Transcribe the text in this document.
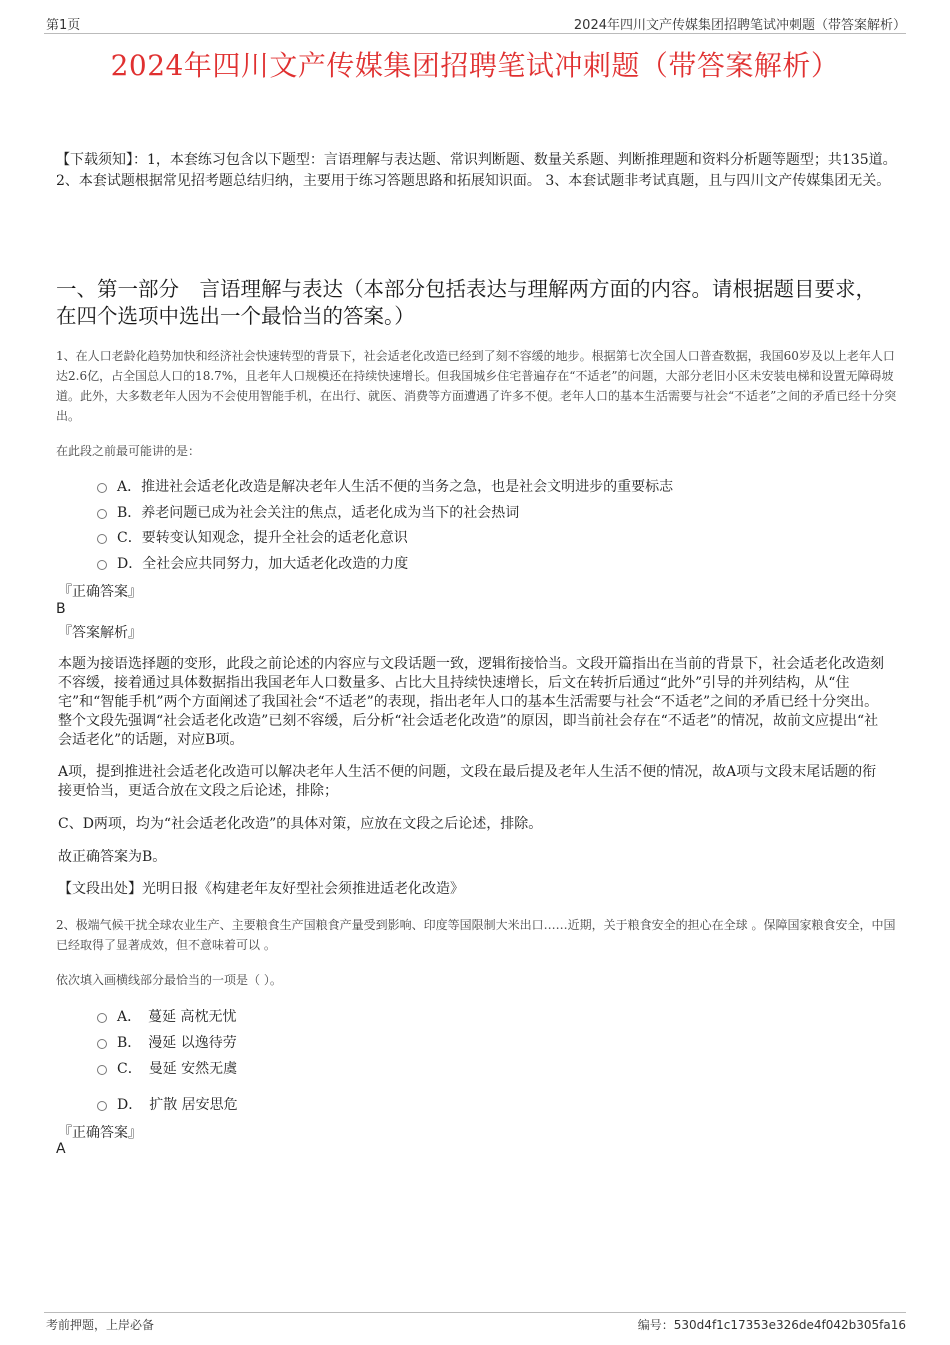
第1页	2024年四川文产传媒集团招聘笔试冲刺题（带答案解析）
2024年四川文产传媒集团招聘笔试冲刺题（带答案解析）
【下载须知】：1，本套练习包含以下题型：言语理解与表达题、常识判断题、数量关系题、判断推理题和资料分析题等题型；共135道。 2、本套试题根据常见招考题总结归纳，主要用于练习答题思路和拓展知识面。 3、本套试题非考试真题，且与四川文产传媒集团无关。
一、第一部分　言语理解与表达（本部分包括表达与理解两方面的内容。请根据题目要求，在四个选项中选出一个最恰当的答案。）
1、在人口老龄化趋势加快和经济社会快速转型的背景下，社会适老化改造已经到了刻不容缓的地步。根据第七次全国人口普查数据，我国60岁及以上老年人口达2.6亿，占全国总人口的18.7%，且老年人口规模还在持续快速增长。但我国城乡住宅普遍存在“不适老”的问题，大部分老旧小区未安装电梯和设置无障碍坡道。此外，大多数老年人因为不会使用智能手机，在出行、就医、消费等方面遭遇了许多不便。老年人口的基本生活需要与社会“不适老”之间的矛盾已经十分突出。
在此段之前最可能讲的是：
A．推进社会适老化改造是解决老年人生活不便的当务之急，也是社会文明进步的重要标志
B．养老问题已成为社会关注的焦点，适老化成为当下的社会热词
C．要转变认知观念，提升全社会的适老化意识
D．全社会应共同努力，加大适老化改造的力度
『正确答案』
B
『答案解析』
本题为接语选择题的变形，此段之前论述的内容应与文段话题一致，逻辑衔接恰当。文段开篇指出在当前的背景下，社会适老化改造刻不容缓，接着通过具体数据指出我国老年人口数量多、占比大且持续快速增长，后文在转折后通过“此外”引导的并列结构，从“住宅”和“智能手机”两个方面阐述了我国社会“不适老”的表现，指出老年人口的基本生活需要与社会“不适老”之间的矛盾已经十分突出。整个文段先强调“社会适老化改造”已刻不容缓，后分析“社会适老化改造”的原因，即当前社会存在“不适老”的情况，故前文应提出“社会适老化”的话题，对应B项。
A项，提到推进社会适老化改造可以解决老年人生活不便的问题，文段在最后提及老年人生活不便的情况，故A项与文段末尾话题的衔接更恰当，更适合放在文段之后论述，排除；
C、D两项，均为“社会适老化改造”的具体对策，应放在文段之后论述，排除。
故正确答案为B。
【文段出处】光明日报《构建老年友好型社会须推进适老化改造》
2、极端气候干扰全球农业生产、主要粮食生产国粮食产量受到影响、印度等国限制大米出口……近期，关于粮食安全的担心在全球 。保障国家粮食安全，中国已经取得了显著成效，但不意味着可以 。
依次填入画横线部分最恰当的一项是（ ）。
A．　蔓延 高枕无忧
B．　漫延 以逸待劳
C．　曼延 安然无虞
D．　扩散 居安思危
『正确答案』
A
考前押题，上岸必备	编号：530d4f1c17353e326de4f042b305fa16
